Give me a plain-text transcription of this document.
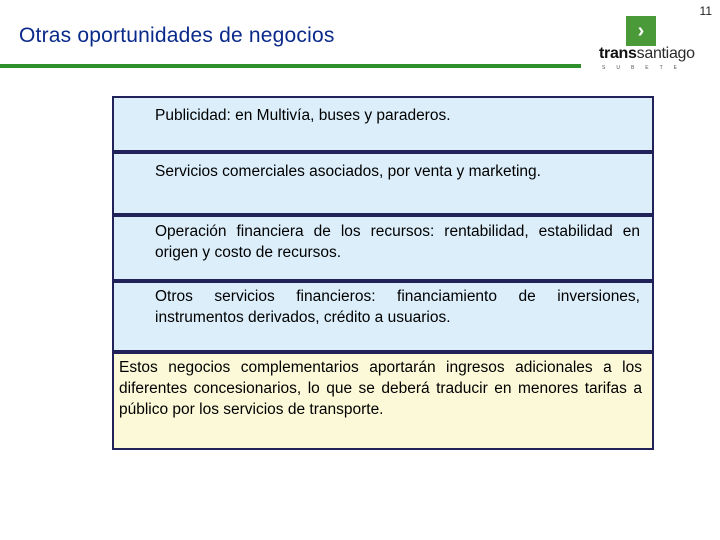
11
Otras oportunidades de negocios	›
transsantiago
SUBETE
Publicidad: en Multivía, buses y paraderos.
Servicios comerciales asociados, por venta y marketing.
Operación financiera de los recursos: rentabilidad, estabilidad en origen y costo de recursos.
Otros servicios financieros: financiamiento de inversiones, instrumentos derivados, crédito a usuarios.
Estos negocios complementarios aportarán ingresos adicionales a los diferentes concesionarios, lo que se deberá traducir en menores tarifas a público por los servicios de transporte.
